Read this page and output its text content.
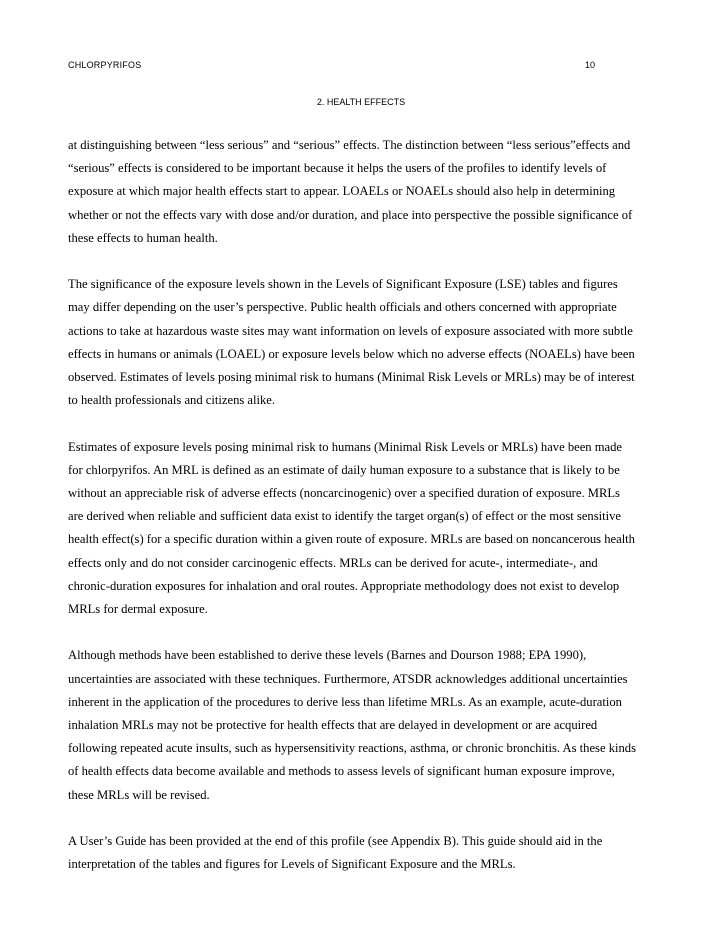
CHLORPYRIFOS	10
2. HEALTH EFFECTS

at distinguishing between “less serious” and “serious” effects. The distinction between “less serious”effects and
“serious” effects is considered to be important because it helps the users of the profiles to identify levels of
exposure at which major health effects start to appear. LOAELs or NOAELs should also help in determining
whether or not the effects vary with dose and/or duration, and place into perspective the possible significance of
these effects to human health.

The significance of the exposure levels shown in the Levels of Significant Exposure (LSE) tables and figures
may differ depending on the user’s perspective. Public health officials and others concerned with appropriate
actions to take at hazardous waste sites may want information on levels of exposure associated with more subtle
effects in humans or animals (LOAEL) or exposure levels below which no adverse effects (NOAELs) have been
observed. Estimates of levels posing minimal risk to humans (Minimal Risk Levels or MRLs) may be of interest
to health professionals and citizens alike.

Estimates of exposure levels posing minimal risk to humans (Minimal Risk Levels or MRLs) have been made
for chlorpyrifos. An MRL is defined as an estimate of daily human exposure to a substance that is likely to be
without an appreciable risk of adverse effects (noncarcinogenic) over a specified duration of exposure. MRLs
are derived when reliable and sufficient data exist to identify the target organ(s) of effect or the most sensitive
health effect(s) for a specific duration within a given route of exposure. MRLs are based on noncancerous health
effects only and do not consider carcinogenic effects. MRLs can be derived for acute-, intermediate-, and
chronic-duration exposures for inhalation and oral routes. Appropriate methodology does not exist to develop
MRLs for dermal exposure.

Although methods have been established to derive these levels (Barnes and Dourson 1988; EPA 1990),
uncertainties are associated with these techniques. Furthermore, ATSDR acknowledges additional uncertainties
inherent in the application of the procedures to derive less than lifetime MRLs. As an example, acute-duration
inhalation MRLs may not be protective for health effects that are delayed in development or are acquired
following repeated acute insults, such as hypersensitivity reactions, asthma, or chronic bronchitis. As these kinds
of health effects data become available and methods to assess levels of significant human exposure improve,
these MRLs will be revised.

A User’s Guide has been provided at the end of this profile (see Appendix B). This guide should aid in the
interpretation of the tables and figures for Levels of Significant Exposure and the MRLs.
